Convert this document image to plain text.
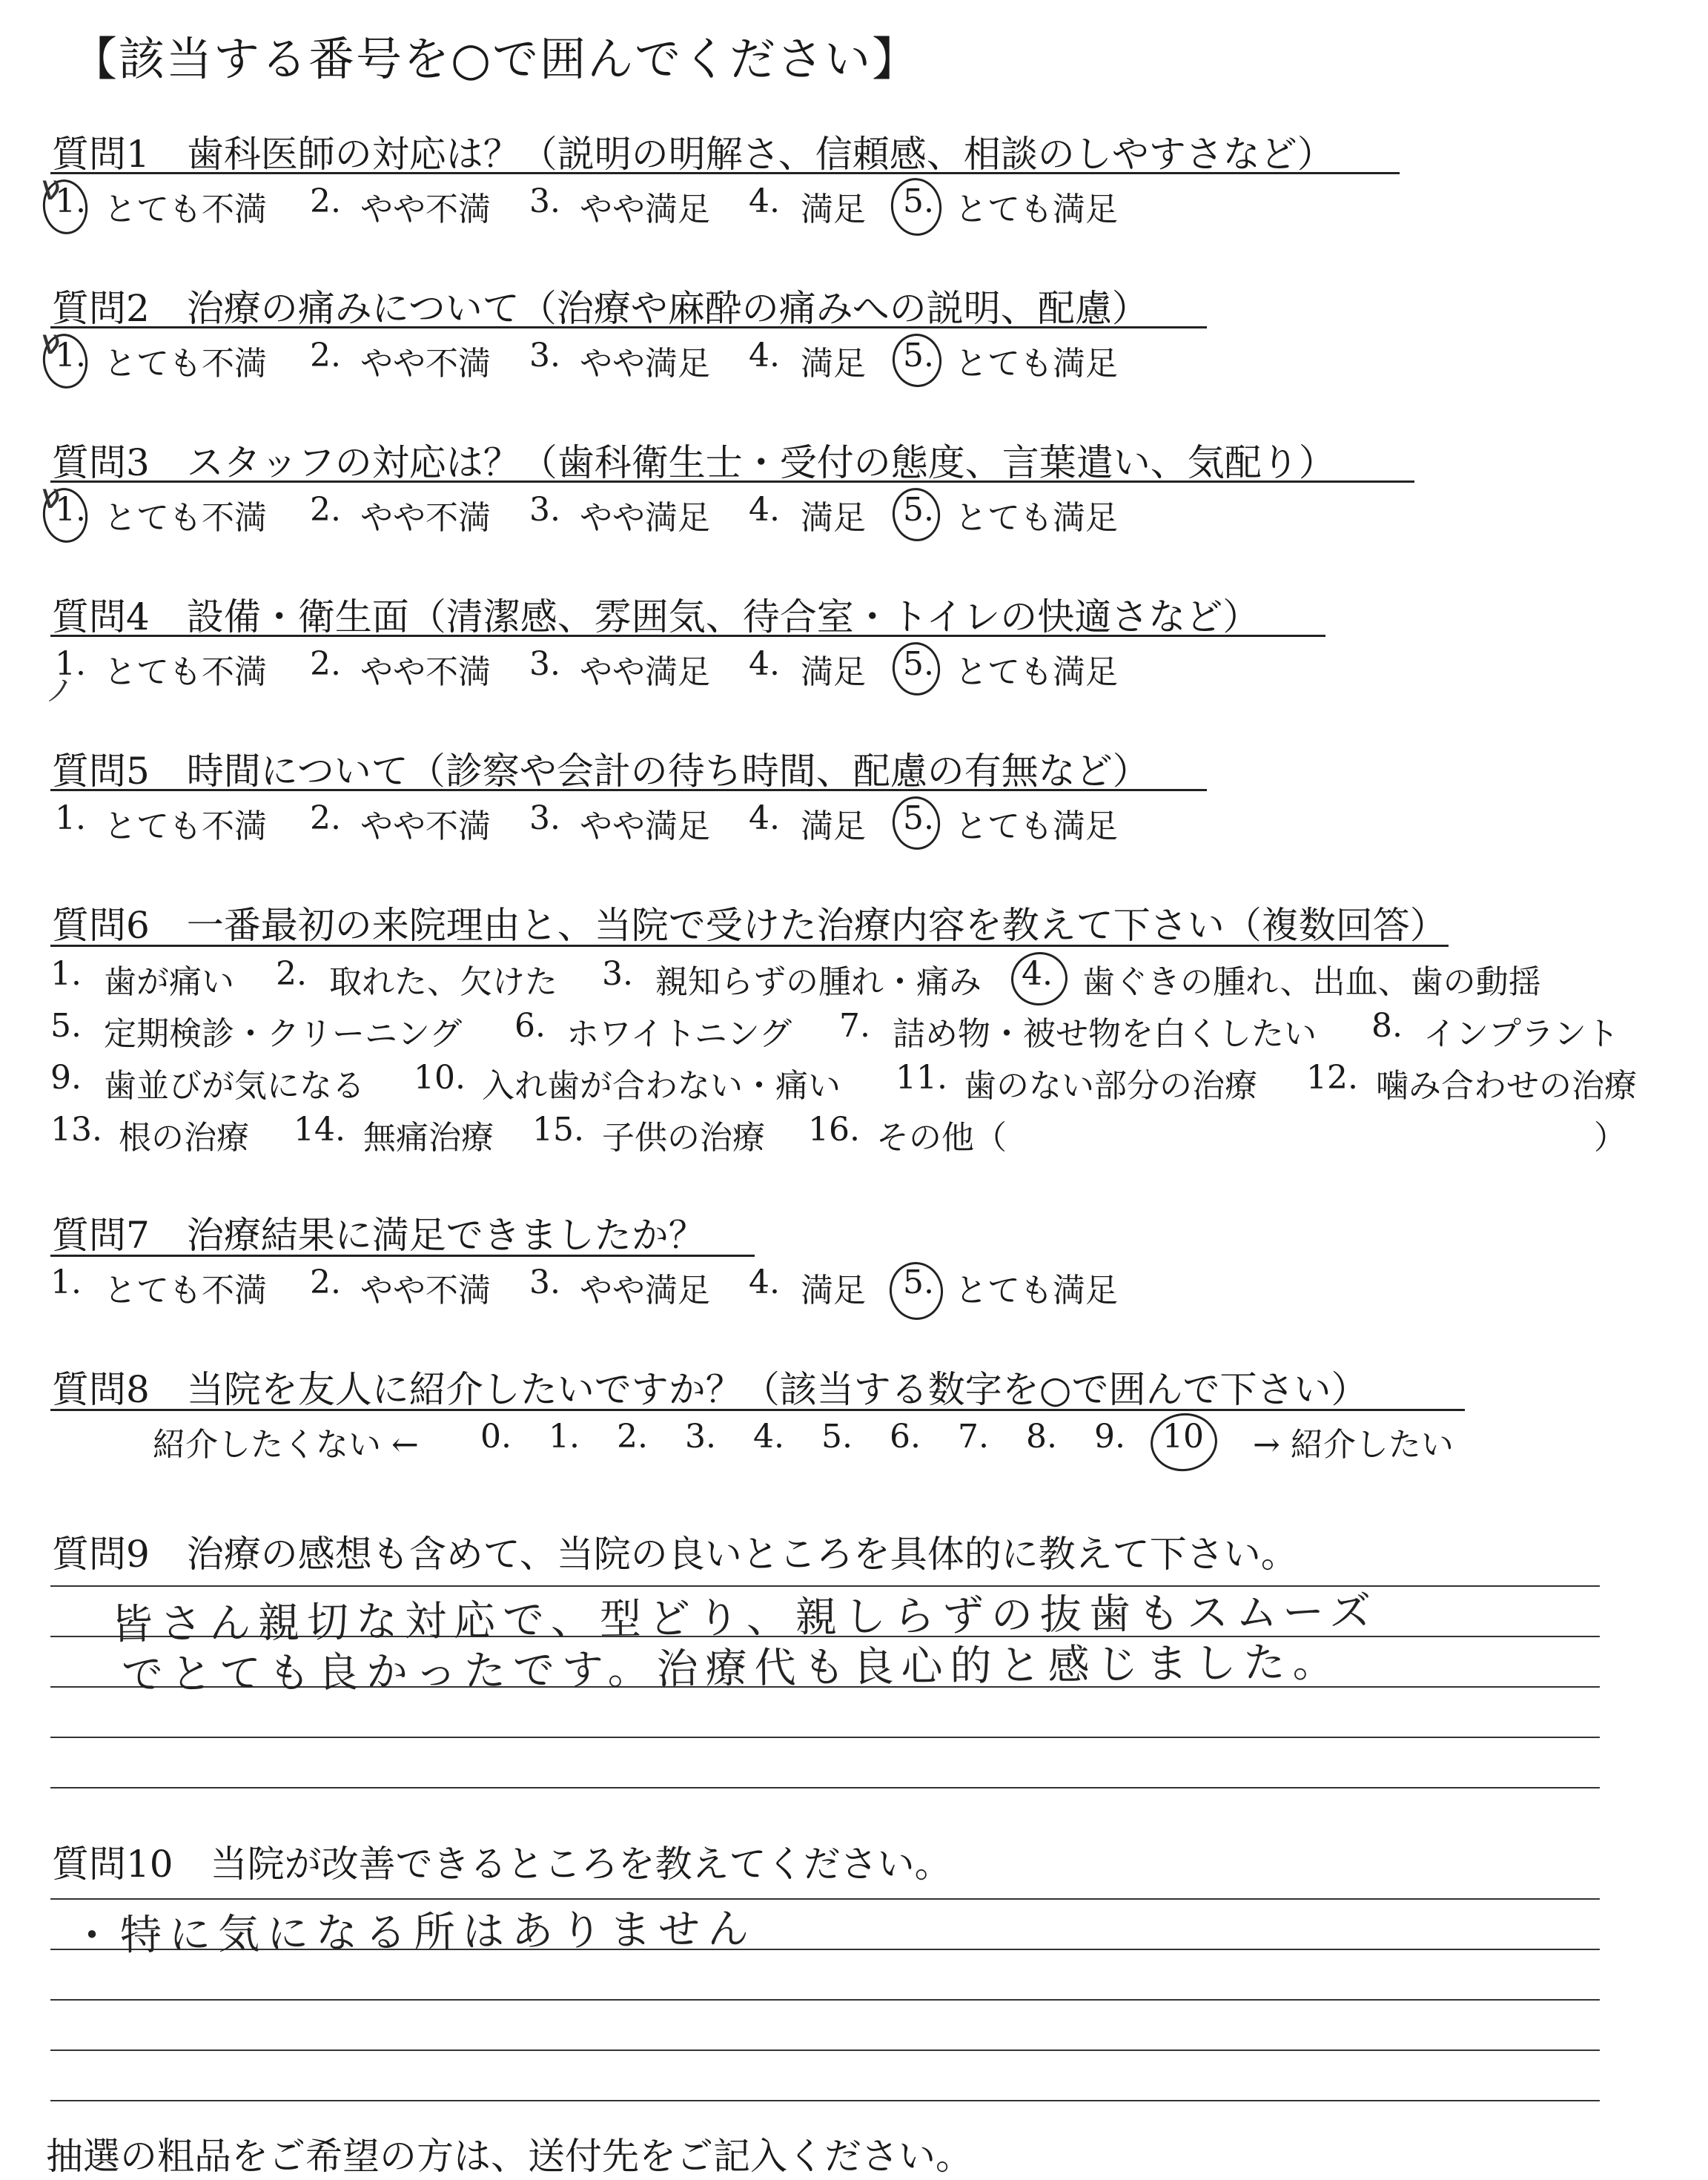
【該当する番号を○で囲んでください】
質問1　歯科医師の対応は？（説明の明解さ、信頼感、相談のしやすさなど）
1. とても不満 2. やや不満 3. やや満足 4. 満足 5. とても満足
ν
質問2　治療の痛みについて（治療や麻酔の痛みへの説明、配慮）
1. とても不満 2. やや不満 3. やや満足 4. 満足 5. とても満足
ν
質問3　スタッフの対応は？（歯科衛生士・受付の態度、言葉遣い、気配り）
1. とても不満 2. やや不満 3. やや満足 4. 満足 5. とても満足
ν
質問4　設備・衛生面（清潔感、雰囲気、待合室・トイレの快適さなど）
1. とても不満 2. やや不満 3. やや満足 4. 満足 5. とても満足
ノ
質問5　時間について（診察や会計の待ち時間、配慮の有無など）
1. とても不満 2. やや不満 3. やや満足 4. 満足 5. とても満足
質問6　一番最初の来院理由と、当院で受けた治療内容を教えて下さい（複数回答）
1. 歯が痛い 2. 取れた、欠けた 3. 親知らずの腫れ・痛み 4. 歯ぐきの腫れ、出血、歯の動揺
5. 定期検診・クリーニング 6. ホワイトニング 7. 詰め物・被せ物を白くしたい 8. インプラント
9. 歯並びが気になる 10. 入れ歯が合わない・痛い 11. 歯のない部分の治療 12. 噛み合わせの治療
13. 根の治療 14. 無痛治療 15. 子供の治療 16. その他（	）
質問7　治療結果に満足できましたか？
1. とても不満 2. やや不満 3. やや満足 4. 満足 5. とても満足
質問8　当院を友人に紹介したいですか？（該当する数字を○で囲んで下さい）
紹介したくない ← 0. 1. 2. 3. 4. 5. 6. 7. 8. 9. 10 → 紹介したい
質問9　治療の感想も含めて、当院の良いところを具体的に教えて下さい。
皆さん親切な対応で、型どり、親しらずの抜歯もスムーズ
でとても良かったです。治療代も良心的と感じました。
質問10　当院が改善できるところを教えてください。
・特に気になる所はありません
抽選の粗品をご希望の方は、送付先をご記入ください。
